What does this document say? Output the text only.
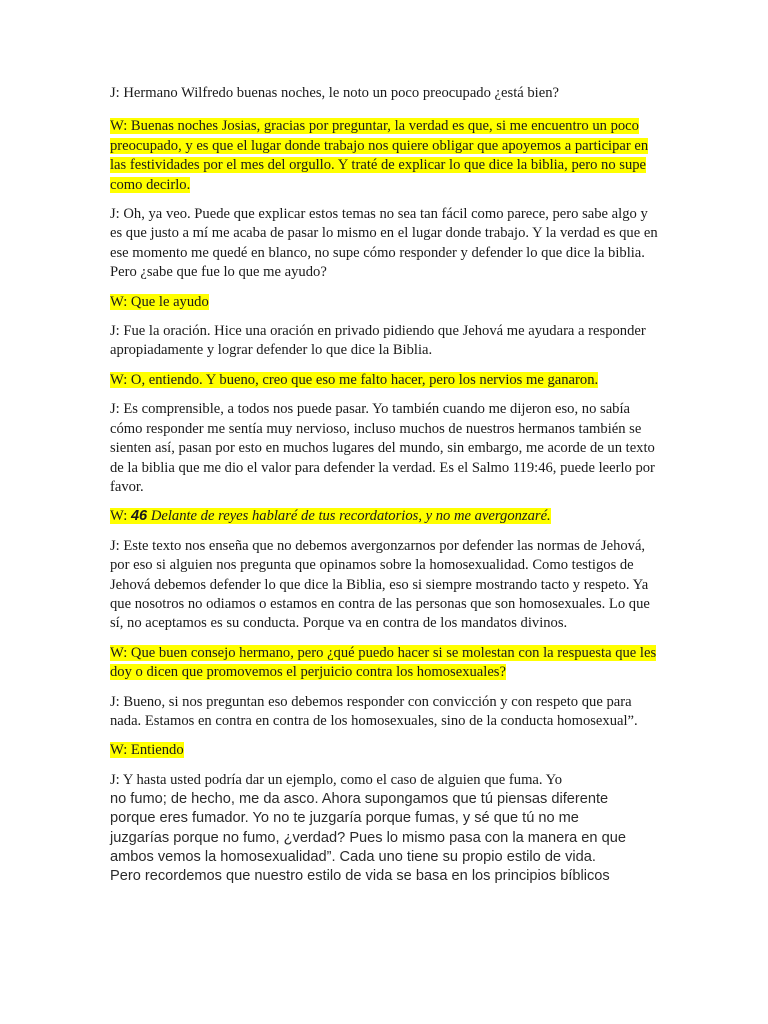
J: Hermano Wilfredo buenas noches, le noto un poco preocupado ¿está bien?

W: Buenas noches Josias, gracias por preguntar, la verdad es que, si me encuentro un poco preocupado, y es que el lugar donde trabajo nos quiere obligar que apoyemos a participar en las festividades por el mes del orgullo. Y traté de explicar lo que dice la biblia, pero no supe como decirlo.

J: Oh, ya veo. Puede que explicar estos temas no sea tan fácil como parece, pero sabe algo y es que justo a mí me acaba de pasar lo mismo en el lugar donde trabajo. Y la verdad es que en ese momento me quedé en blanco, no supe cómo responder y defender lo que dice la biblia. Pero ¿sabe que fue lo que me ayudo?

W: Que le ayudo

J: Fue la oración. Hice una oración en privado pidiendo que Jehová me ayudara a responder apropiadamente y lograr defender lo que dice la Biblia.

W: O, entiendo. Y bueno, creo que eso me falto hacer, pero los nervios me ganaron.

J: Es comprensible, a todos nos puede pasar. Yo también cuando me dijeron eso, no sabía cómo responder me sentía muy nervioso, incluso muchos de nuestros hermanos también se sienten así, pasan por esto en muchos lugares del mundo, sin embargo, me acorde de un texto de la biblia que me dio el valor para defender la verdad. Es el Salmo 119:46, puede leerlo por favor.

W: 46 Delante de reyes hablaré de tus recordatorios, y no me avergonzaré.

J: Este texto nos enseña que no debemos avergonzarnos por defender las normas de Jehová, por eso si alguien nos pregunta que opinamos sobre la homosexualidad. Como testigos de Jehová debemos defender lo que dice la Biblia, eso si siempre mostrando tacto y respeto. Ya que nosotros no odiamos o estamos en contra de las personas que son homosexuales. Lo que sí, no aceptamos es su conducta. Porque va en contra de los mandatos divinos.

W: Que buen consejo hermano, pero ¿qué puedo hacer si se molestan con la respuesta que les doy o dicen que promovemos el perjuicio contra los homosexuales?

J: Bueno, si nos preguntan eso debemos responder con convicción y con respeto que para nada. Estamos en contra en contra de los homosexuales, sino de la conducta homosexual”.

W: Entiendo

J: Y hasta usted podría dar un ejemplo, como el caso de alguien que fuma. Yo

no fumo; de hecho, me da asco. Ahora supongamos que tú piensas diferente

porque eres fumador. Yo no te juzgaría porque fumas, y sé que tú no me

juzgarías porque no fumo, ¿verdad? Pues lo mismo pasa con la manera en que

ambos vemos la homosexualidad”. Cada uno tiene su propio estilo de vida.

Pero recordemos que nuestro estilo de vida se basa en los principios bíblicos
